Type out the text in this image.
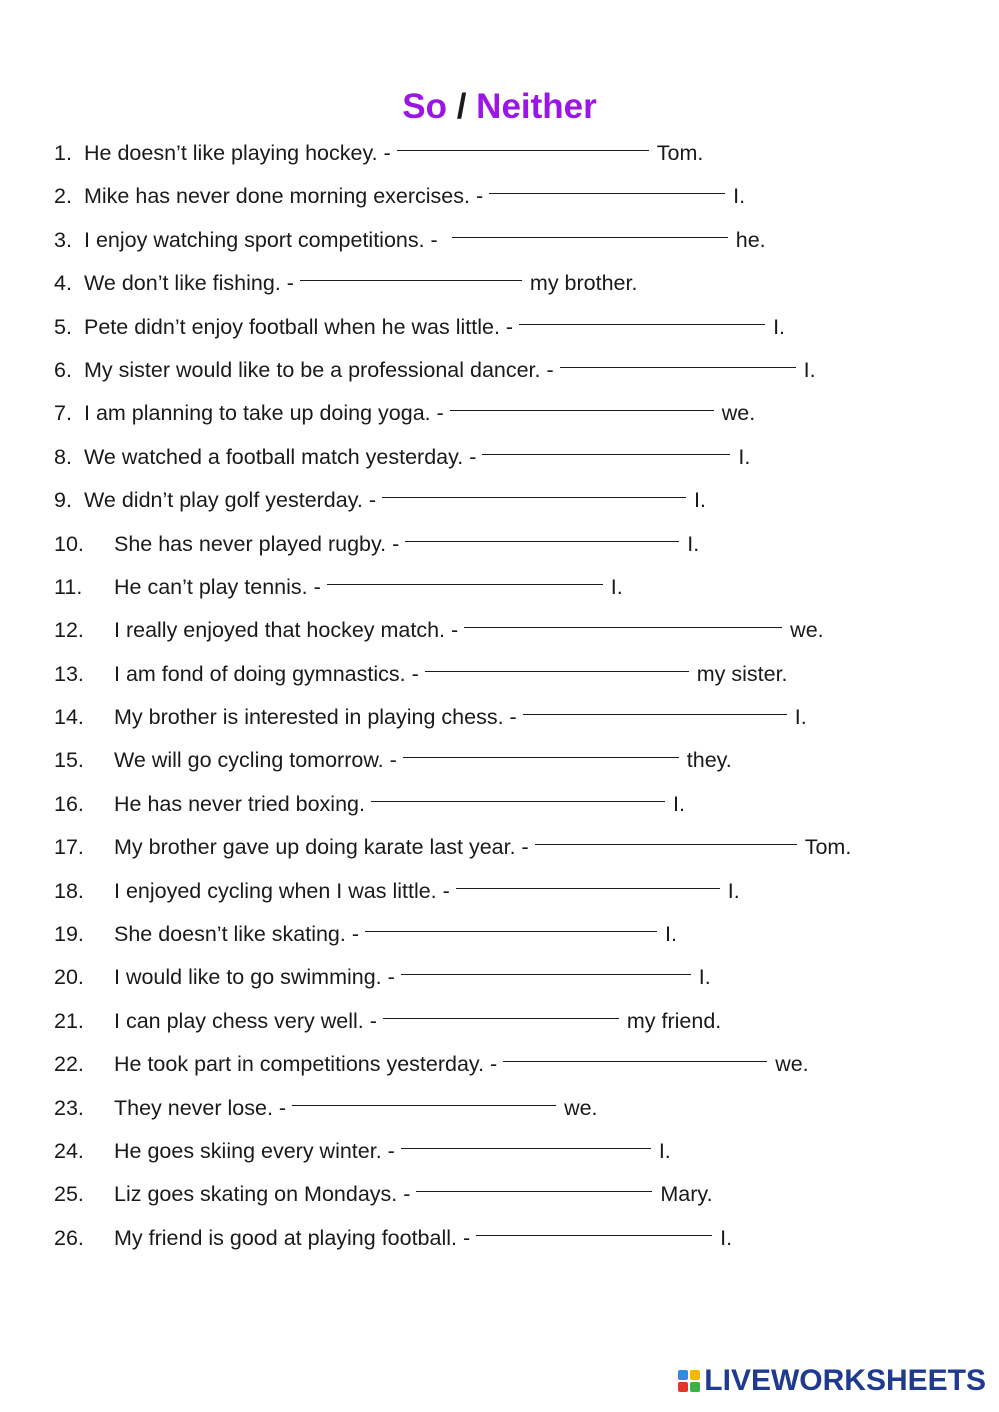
So / Neither
1. He doesn’t like playing hockey. -	Tom.
2. Mike has never done morning exercises. -	I.
3. I enjoy watching sport competitions. -	he.
4. We don’t like fishing. -	my brother.
5. Pete didn’t enjoy football when he was little. -	I.
6. My sister would like to be a professional dancer. -	I.
7. I am planning to take up doing yoga. -	we.
8. We watched a football match yesterday. -	I.
9. We didn’t play golf yesterday. -	I.
10. She has never played rugby. -	I.
11. He can’t play tennis. -	I.
12. I really enjoyed that hockey match. -	we.
13. I am fond of doing gymnastics. -	my sister.
14. My brother is interested in playing chess. -	I.
15. We will go cycling tomorrow. -	they.
16. He has never tried boxing.	I.
17. My brother gave up doing karate last year. -	Tom.
18. I enjoyed cycling when I was little. -	I.
19. She doesn’t like skating. -	I.
20. I would like to go swimming. -	I.
21. I can play chess very well. -	my friend.
22. He took part in competitions yesterday. -	we.
23. They never lose. -	we.
24. He goes skiing every winter. -	I.
25. Liz goes skating on Mondays. -	Mary.
26. My friend is good at playing football. -	I.
LIVEWORKSHEETS
